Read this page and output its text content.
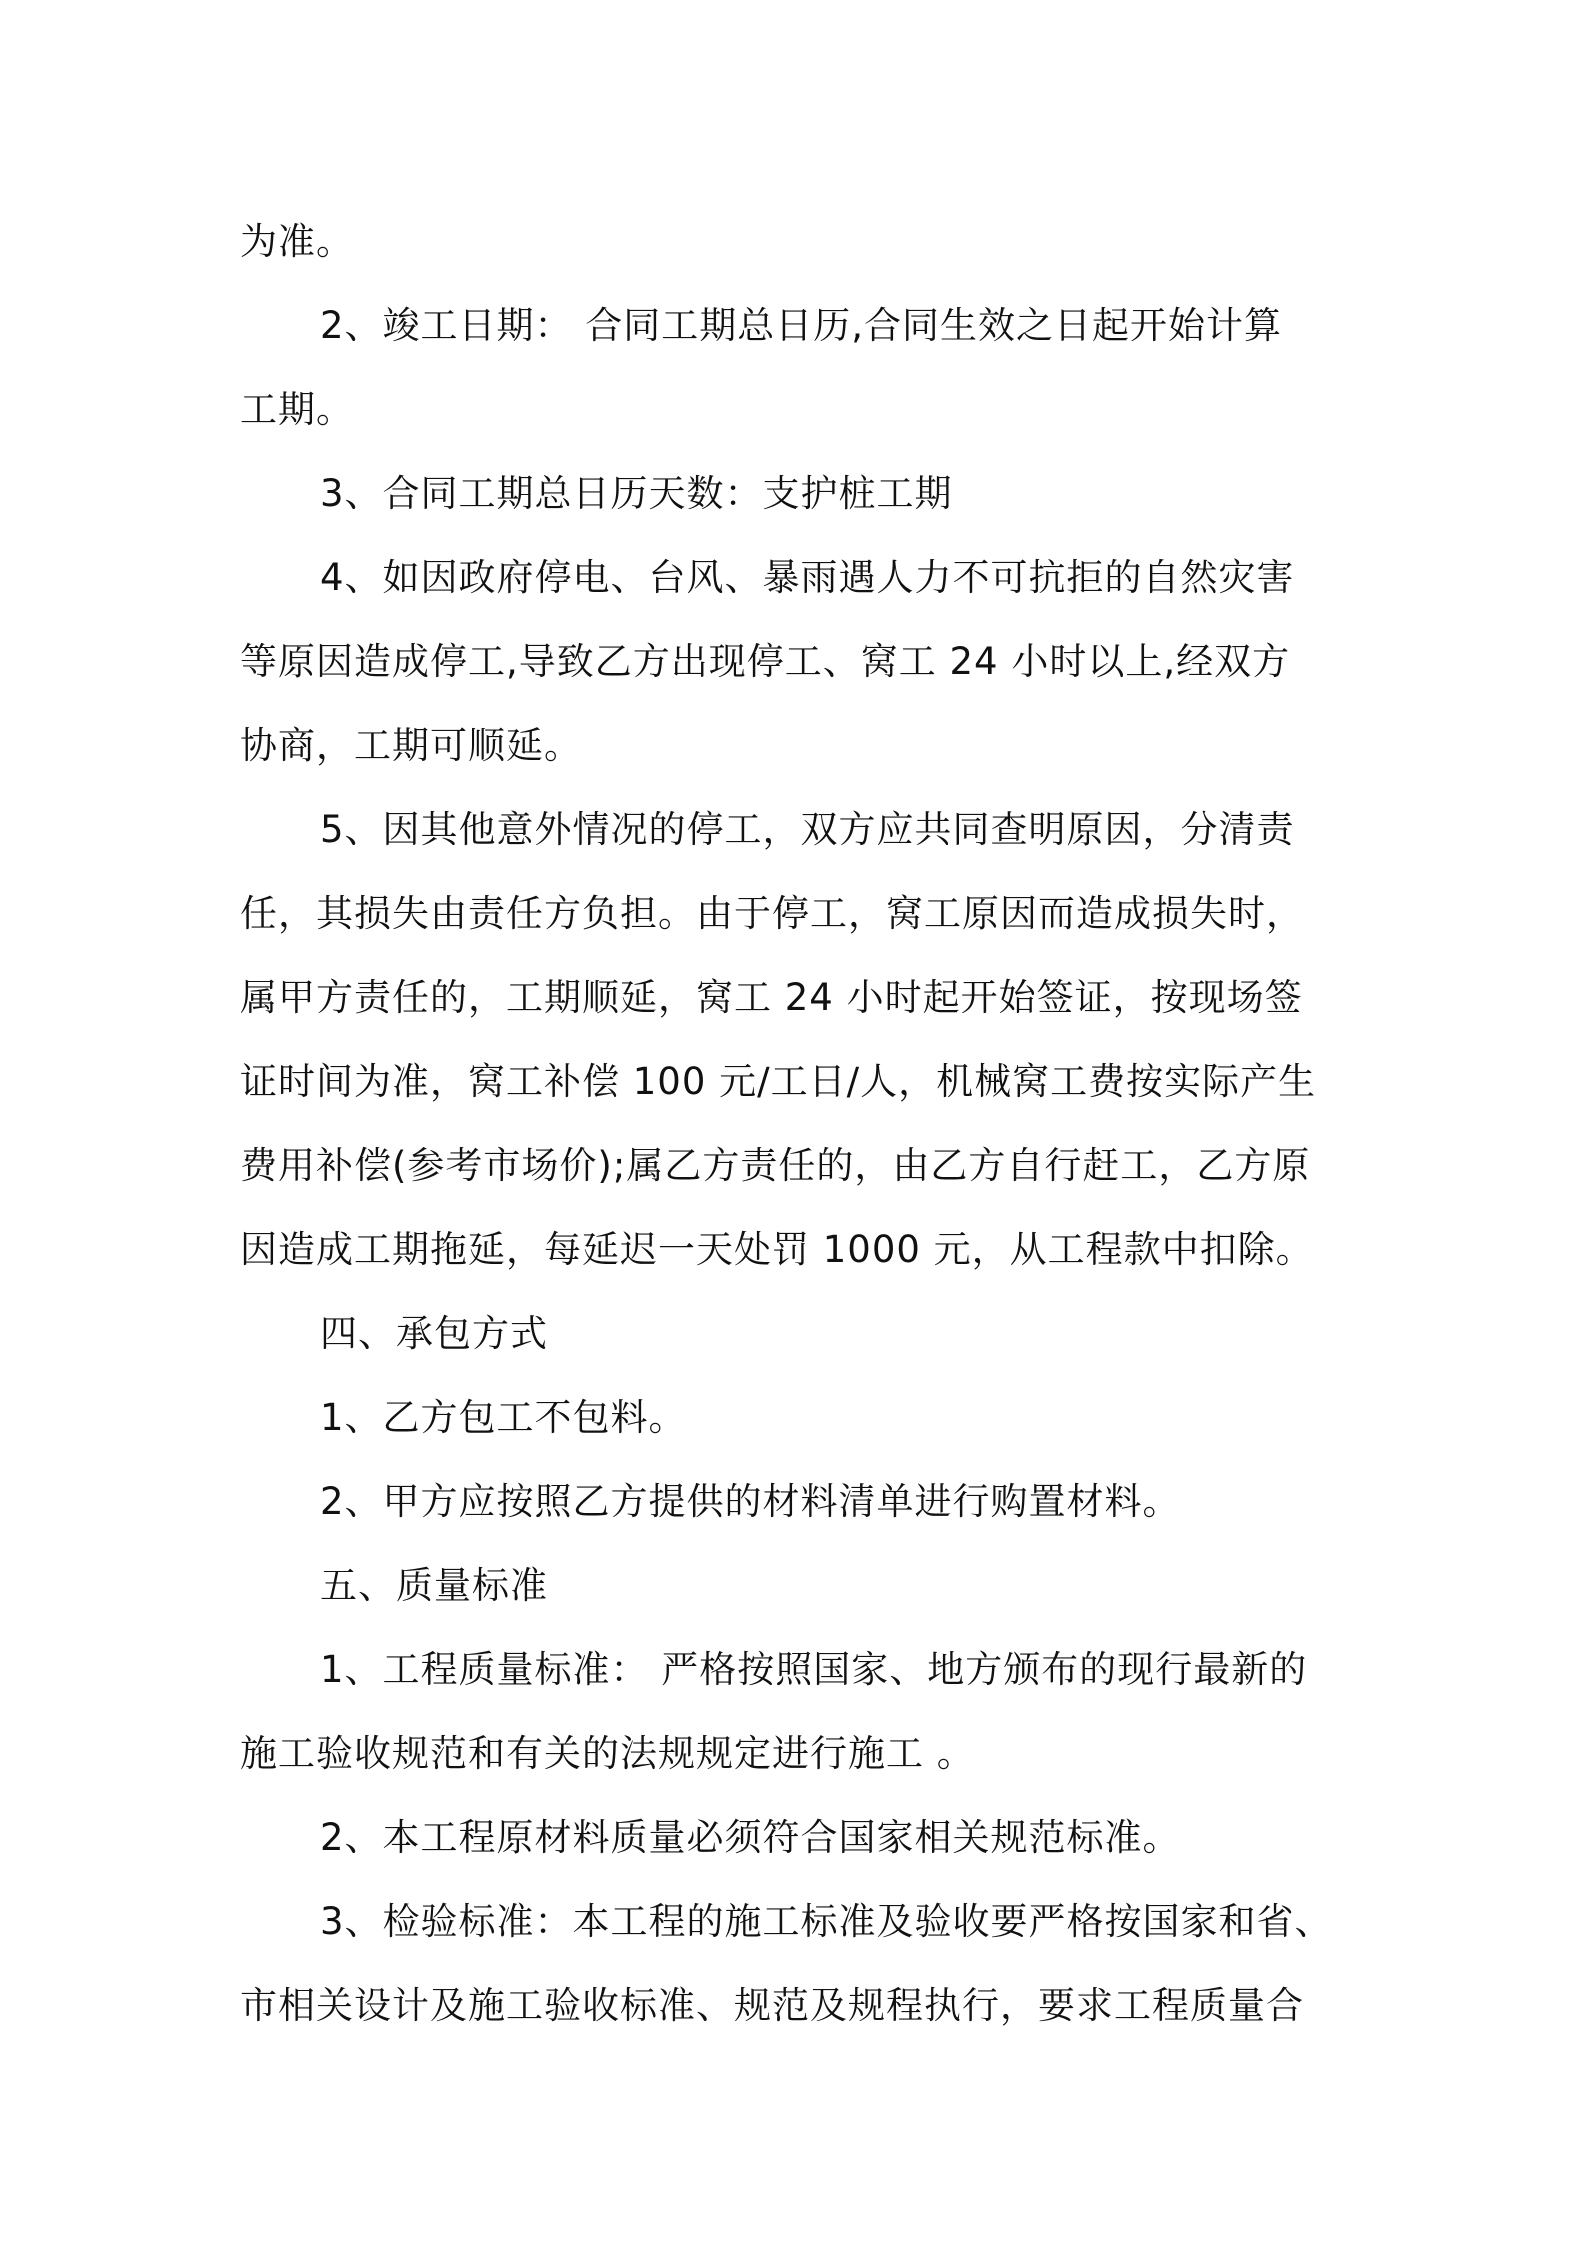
为准。
2、竣工日期： 合同工期总日历,合同生效之日起开始计算
工期。
3、合同工期总日历天数：支护桩工期
4、如因政府停电、台风、暴雨遇人力不可抗拒的自然灾害
等原因造成停工,导致乙方出现停工、窝工 24 小时以上,经双方
协商，工期可顺延。
5、因其他意外情况的停工，双方应共同查明原因，分清责
任，其损失由责任方负担。由于停工，窝工原因而造成损失时，
属甲方责任的，工期顺延，窝工 24 小时起开始签证，按现场签
证时间为准，窝工补偿 100 元/工日/人，机械窝工费按实际产生
费用补偿(参考市场价);属乙方责任的，由乙方自行赶工，乙方原
因造成工期拖延，每延迟一天处罚 1000 元，从工程款中扣除。
四、承包方式
1、乙方包工不包料。
2、甲方应按照乙方提供的材料清单进行购置材料。
五、质量标准
1、工程质量标准： 严格按照国家、地方颁布的现行最新的
施工验收规范和有关的法规规定进行施工 。
2、本工程原材料质量必须符合国家相关规范标准。
3、检验标准：本工程的施工标准及验收要严格按国家和省、
市相关设计及施工验收标准、规范及规程执行，要求工程质量合
